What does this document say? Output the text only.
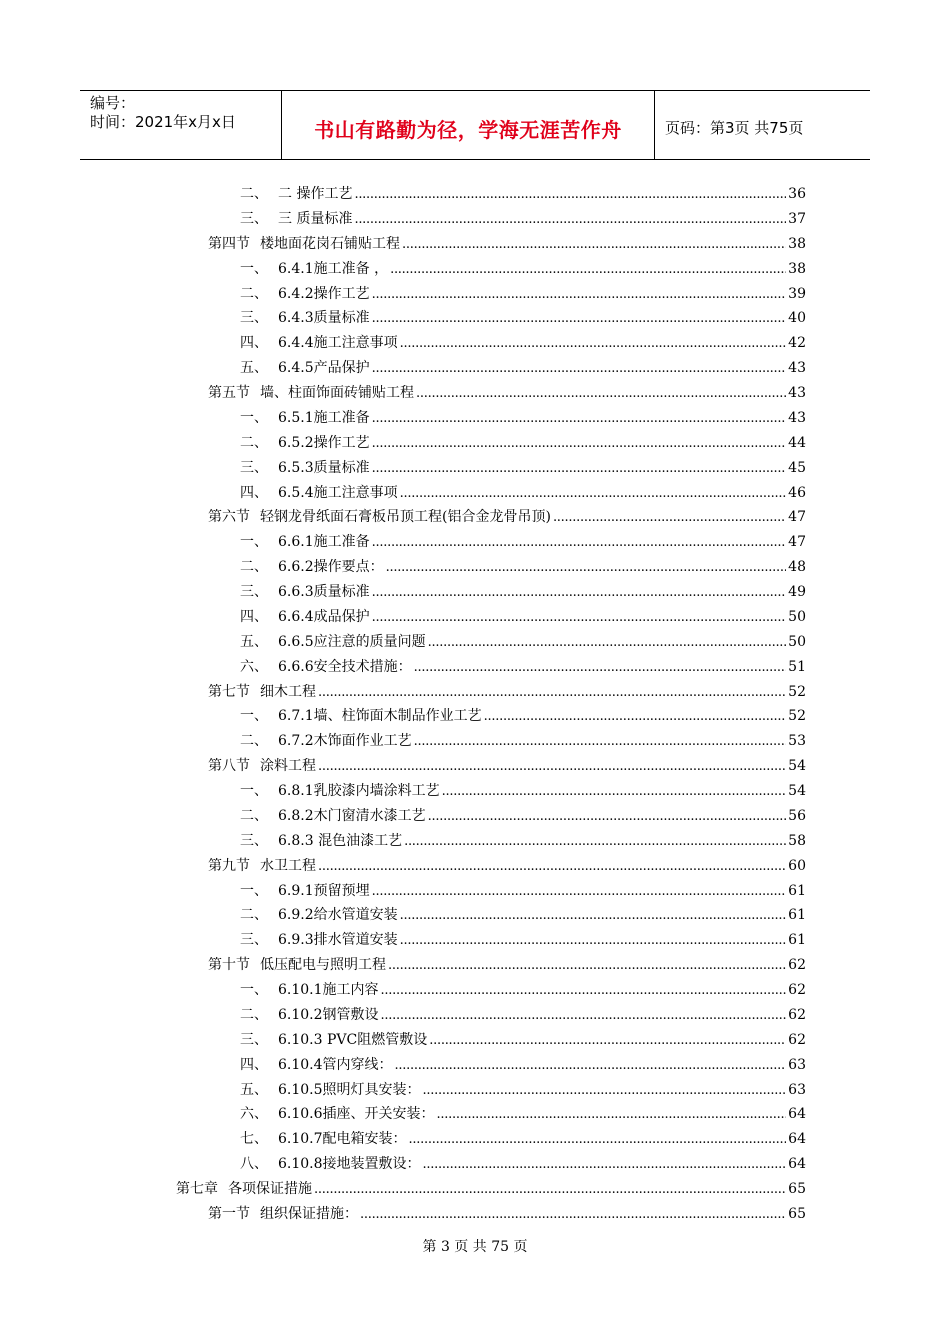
编号：
时间：2021年x月x日	书山有路勤为径，学海无涯苦作舟	页码：第3页 共75页
二、 二 操作工艺 . . .	36
三、 三 质量标准 . . .	37
第四节 楼地面花岗石铺贴工程 . . .	38
一、 6.4.1施工准备 ， . . .	38
二、 6.4.2操作工艺 . . .	39
三、 6.4.3质量标准 . . .	40
四、 6.4.4施工注意事项 . . .	42
五、 6.4.5产品保护 . . .	43
第五节 墙、柱面饰面砖铺贴工程 . . .	43
一、 6.5.1施工准备 . . .	43
二、 6.5.2操作工艺 . . .	44
三、 6.5.3质量标准 . . .	45
四、 6.5.4施工注意事项 . . .	46
第六节 轻钢龙骨纸面石膏板吊顶工程(铝合金龙骨吊顶) . . .	47
一、 6.6.1施工准备 . . .	47
二、 6.6.2操作要点： . . .	48
三、 6.6.3质量标准 . . .	49
四、 6.6.4成品保护 . . .	50
五、 6.6.5应注意的质量问题 . . .	50
六、 6.6.6安全技术措施： . . .	51
第七节 细木工程 . . .	52
一、 6.7.1墙、柱饰面木制品作业工艺 . . .	52
二、 6.7.2木饰面作业工艺 . . .	53
第八节 涂料工程 . . .	54
一、 6.8.1乳胶漆内墙涂料工艺 . . .	54
二、 6.8.2木门窗清水漆工艺 . . .	56
三、 6.8.3 混色油漆工艺 . . .	58
第九节 水卫工程 . . .	60
一、 6.9.1预留预埋 . . .	61
二、 6.9.2给水管道安装 . . .	61
三、 6.9.3排水管道安装 . . .	61
第十节 低压配电与照明工程 . . .	62
一、 6.10.1施工内容 . . .	62
二、 6.10.2钢管敷设 . . .	62
三、 6.10.3 PVC阻燃管敷设 . . .	62
四、 6.10.4管内穿线： . . .	63
五、 6.10.5照明灯具安装： . . .	63
六、 6.10.6插座、开关安装： . . .	64
七、 6.10.7配电箱安装： . . .	64
八、 6.10.8接地装置敷设： . . .	64
第七章 各项保证措施 . . .	65
第一节 组织保证措施： . . .	65
第 3 页 共 75 页
